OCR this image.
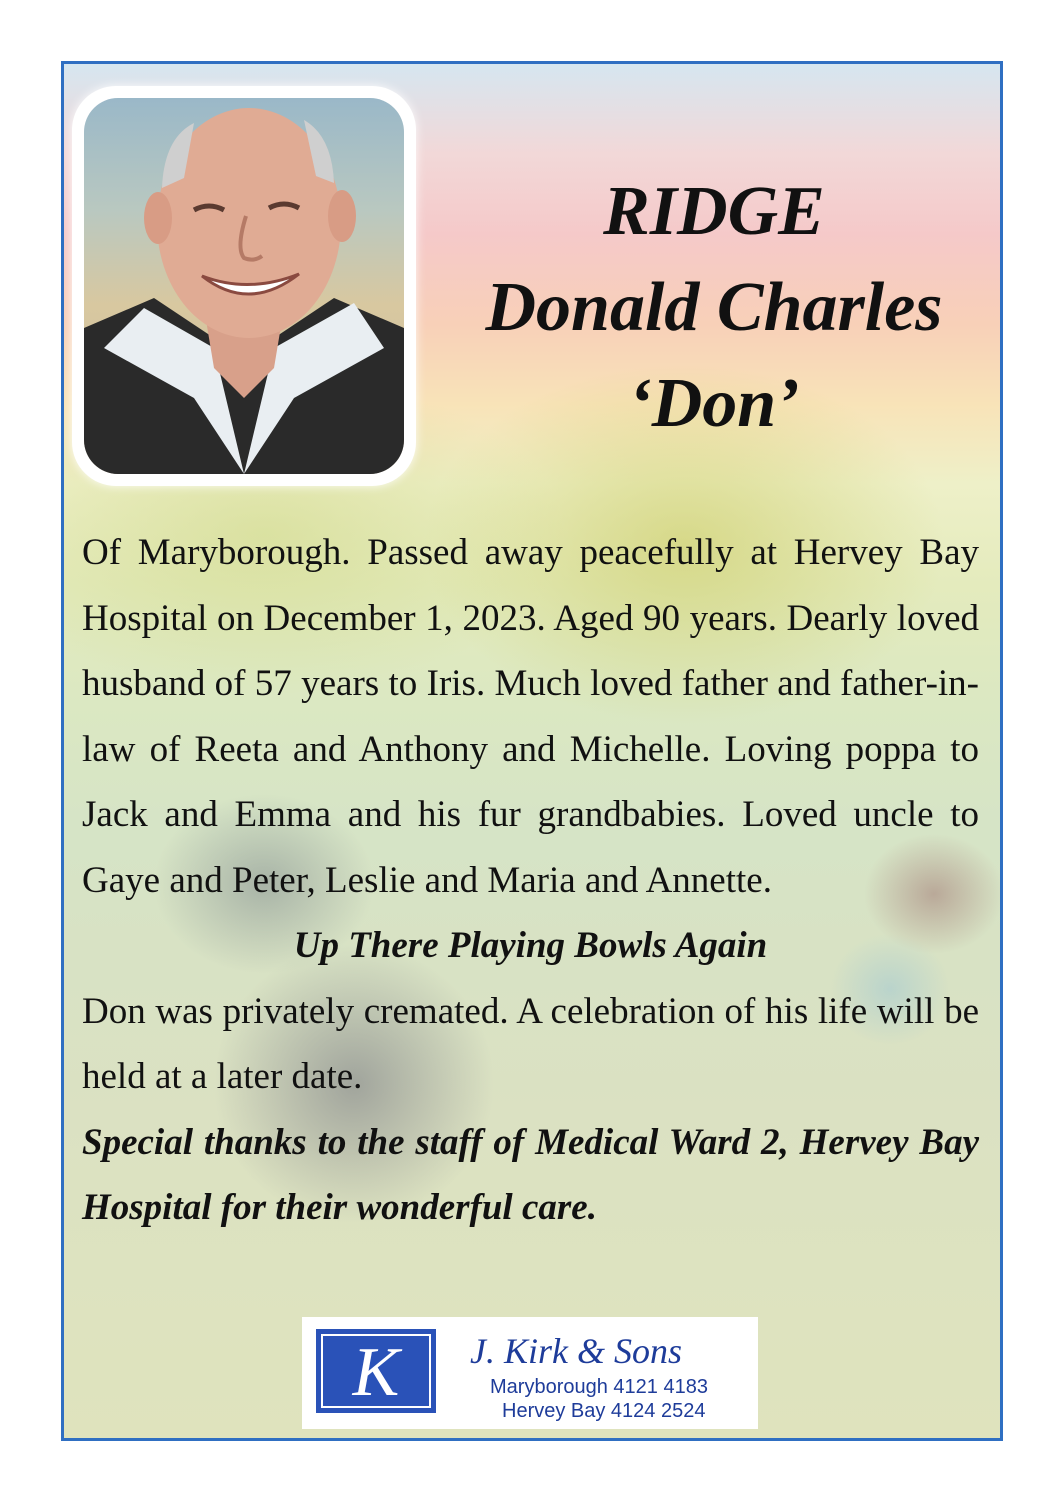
RIDGE
Donald Charles
‘Don’

Of Maryborough. Passed away peacefully at Hervey Bay Hospital on December 1, 2023. Aged 90 years. Dearly loved husband of 57 years to Iris. Much loved father and father-in-law of Reeta and Anthony and Michelle. Loving poppa to Jack and Emma and his fur grandbabies. Loved uncle to Gaye and Peter, Leslie and Maria and Annette.

Up There Playing Bowls Again

Don was privately cremated. A celebration of his life will be held at a later date.

Special thanks to the staff of Medical Ward 2, Hervey Bay Hospital for their wonderful care.

K J. Kirk & Sons
Maryborough 4121 4183
Hervey Bay 4124 2524
